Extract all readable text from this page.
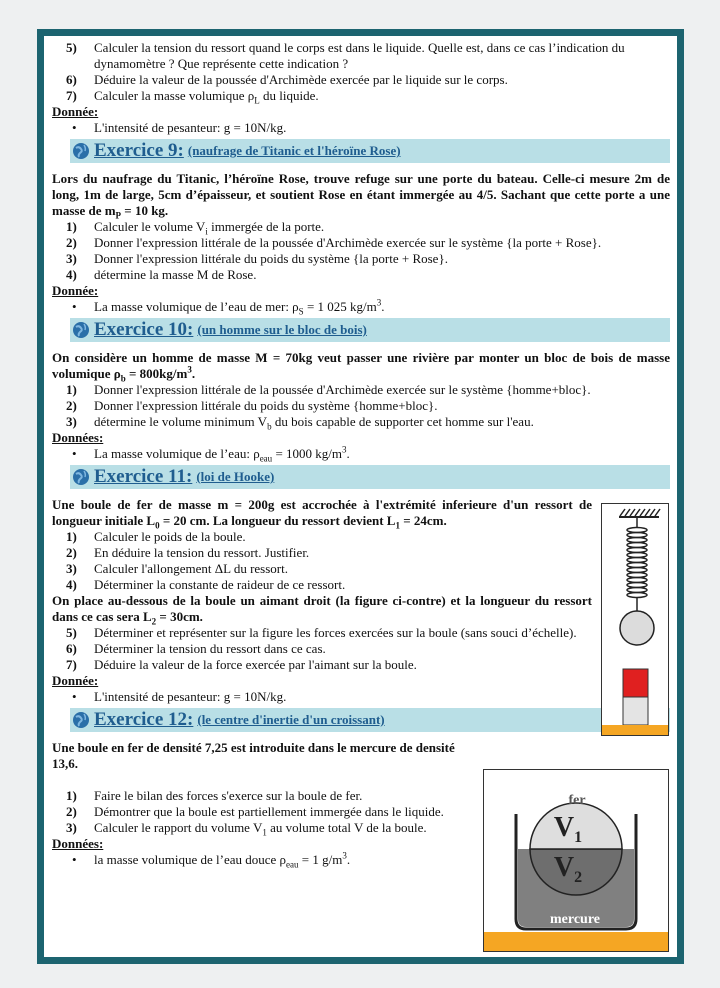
5)	Calculer la tension du ressort quand le corps est dans le liquide. Quelle est, dans ce cas l’indication du dynamomètre ? Que représente cette indication ?
6)	Déduire la valeur de la poussée d'Archimède exercée par le liquide sur le corps.
7)	Calculer la masse volumique $\rho_L$ du liquide.
Donnée:
•	L'intensité de pesanteur: g = 10N/kg.
Exercice 9: (naufrage de Titanic et l'héroïne Rose)
Lors du naufrage du Titanic, l’héroïne Rose, trouve refuge sur une porte du bateau. Celle-ci mesure 2m de long, 1m de large, 5cm d’épaisseur, et soutient Rose en étant immergée au 4/5. Sachant que cette porte a une masse de $m_P = 10$ kg.
1)	Calculer le volume $V_i$ immergée de la porte.
2)	Donner l'expression littérale de la poussée d'Archimède exercée sur le système {la porte + Rose}.
3)	Donner l'expression littérale du poids du système {la porte + Rose}.
4)	détermine la masse M de Rose.
Donnée:
•	La masse volumique de l’eau de mer: $\rho_S = 1$ 025 $kg/m^3$.
Exercice 10: (un homme sur le bloc de bois)
On considère un homme de masse M = 70kg veut passer une rivière par monter un bloc de bois de masse volumique $\rho_b = 800kg/m^3$.
1)	Donner l'expression littérale de la poussée d'Archimède exercée sur le système {homme+bloc}.
2)	Donner l'expression littérale du poids du système {homme+bloc}.
3)	détermine le volume minimum $V_b$ du bois capable de supporter cet homme sur l'eau.
Données:
•	La masse volumique de l’eau: $\rho_{eau} = 1000$ $kg/m^3$.
Exercice 11: (loi de Hooke)
Une boule de fer de masse m = 200g est accrochée à l'extrémité inferieure d'un ressort de longueur initiale $L_0 = 20$ cm. La longueur du ressort devient $L_1 = 24cm$.
1)	Calculer le poids de la boule.
2)	En déduire la tension du ressort. Justifier.
3)	Calculer l'allongement ΔL du ressort.
4)	Déterminer la constante de raideur de ce ressort.
On place au-dessous de la boule un aimant droit (la figure ci-contre) et la longueur du ressort dans ce cas sera $L_2 = 30cm$.
5)	Déterminer et représenter sur la figure les forces exercées sur la boule (sans souci d’échelle).
6)	Déterminer la tension du ressort dans ce cas.
7)	Déduire la valeur de la force exercée par l'aimant sur la boule.
Donnée:
•	L'intensité de pesanteur: g = 10N/kg.
Exercice 12: (le centre d'inertie d'un croissant)
Une boule en fer de densité 7,25 est introduite dans le mercure de densité 13,6.
1)	Faire le bilan des forces s'exerce sur la boule de fer.
2)	Démontrer que la boule est partiellement immergée dans le liquide.
3)	Calculer le rapport du volume $V_1$ au volume total V de la boule.
Données:
•	la masse volumique de l’eau douce $\rho_{eau} = 1$ $g/m^3$.
fer
$V_1$
$V_2$
mercure
